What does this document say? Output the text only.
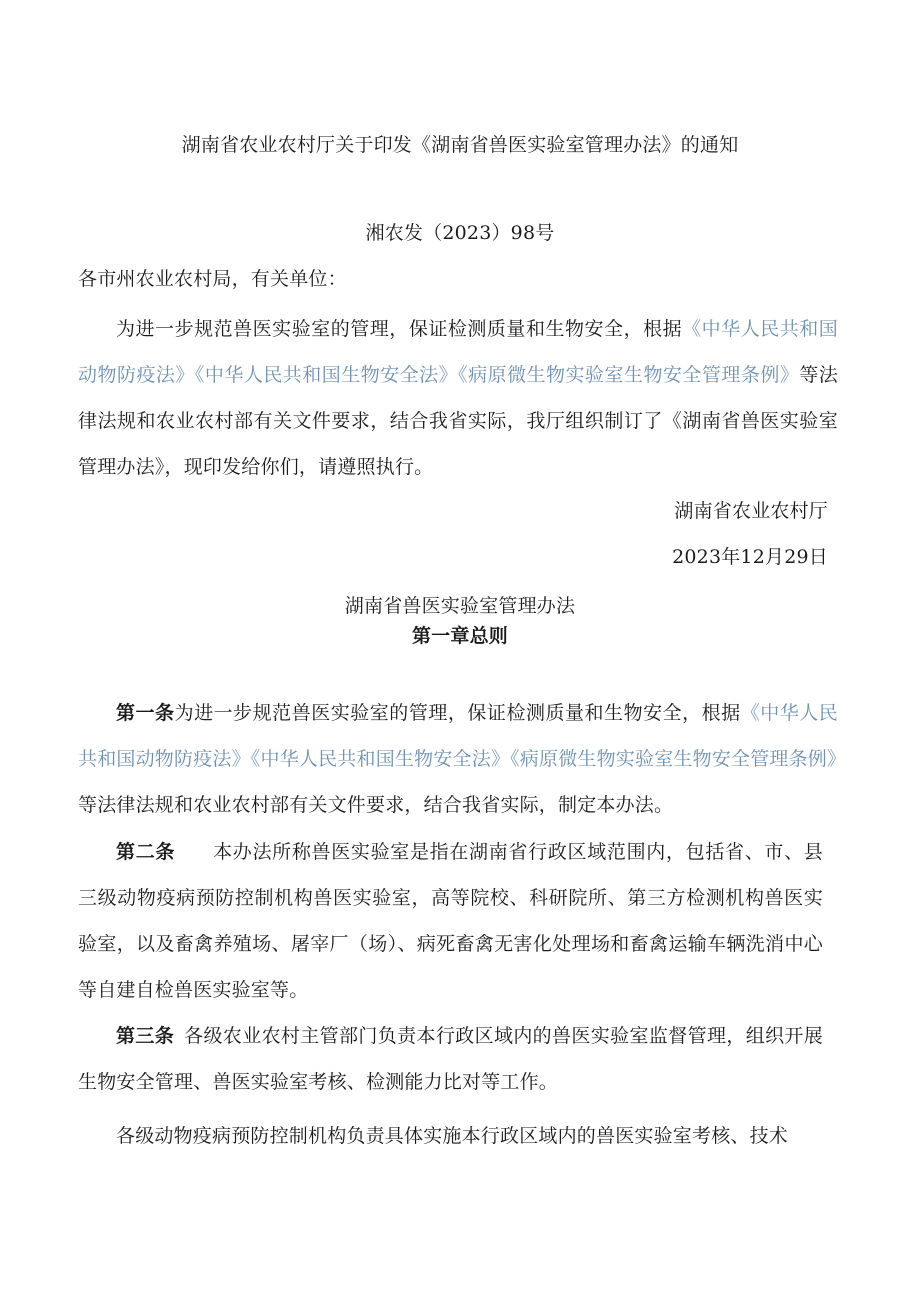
湖南省农业农村厅关于印发《湖南省兽医实验室管理办法》的通知
湘农发（2023）98号
各市州农业农村局，有关单位：
为进一步规范兽医实验室的管理，保证检测质量和生物安全，根据《中华人民共和国动物防疫法》《中华人民共和国生物安全法》《病原微生物实验室生物安全管理条例》等法律法规和农业农村部有关文件要求，结合我省实际，我厅组织制订了《湖南省兽医实验室管理办法》，现印发给你们，请遵照执行。
湖南省农业农村厅
2023年12月29日
湖南省兽医实验室管理办法
第一章总则
第一条为进一步规范兽医实验室的管理，保证检测质量和生物安全，根据《中华人民共和国动物防疫法》《中华人民共和国生物安全法》《病原微生物实验室生物安全管理条例》等法律法规和农业农村部有关文件要求，结合我省实际，制定本办法。
第二条 本办法所称兽医实验室是指在湖南省行政区域范围内，包括省、市、县三级动物疫病预防控制机构兽医实验室，高等院校、科研院所、第三方检测机构兽医实验室，以及畜禽养殖场、屠宰厂（场）、病死畜禽无害化处理场和畜禽运输车辆洗消中心等自建自检兽医实验室等。
第三条 各级农业农村主管部门负责本行政区域内的兽医实验室监督管理，组织开展生物安全管理、兽医实验室考核、检测能力比对等工作。
各级动物疫病预防控制机构负责具体实施本行政区域内的兽医实验室考核、技术
